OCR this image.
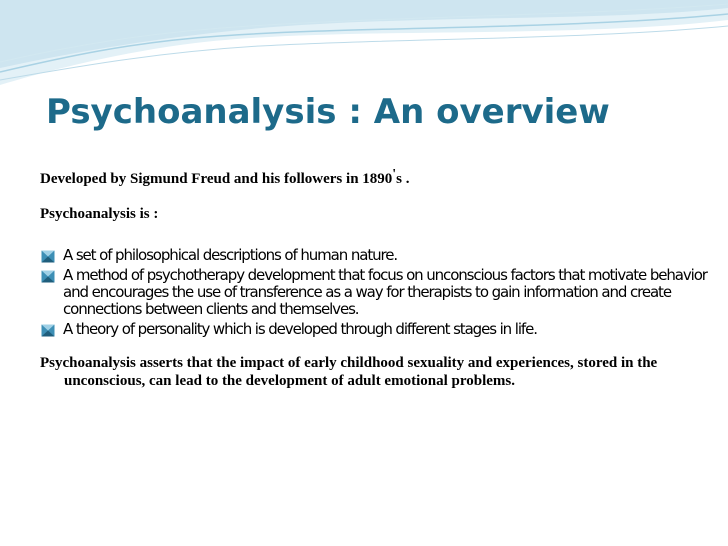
Psychoanalysis : An overview

Developed by Sigmund Freud and his followers in 1890's .

Psychoanalysis is :

A set of philosophical descriptions of human nature.
A method of psychotherapy development that focus on unconscious factors that motivate behavior and encourages the use of transference as a way for therapists to gain information and create connections between clients and themselves.
A theory of personality which is developed through different stages in life.

Psychoanalysis asserts that the impact of early childhood sexuality and experiences, stored in the unconscious, can lead to the development of adult emotional problems.
